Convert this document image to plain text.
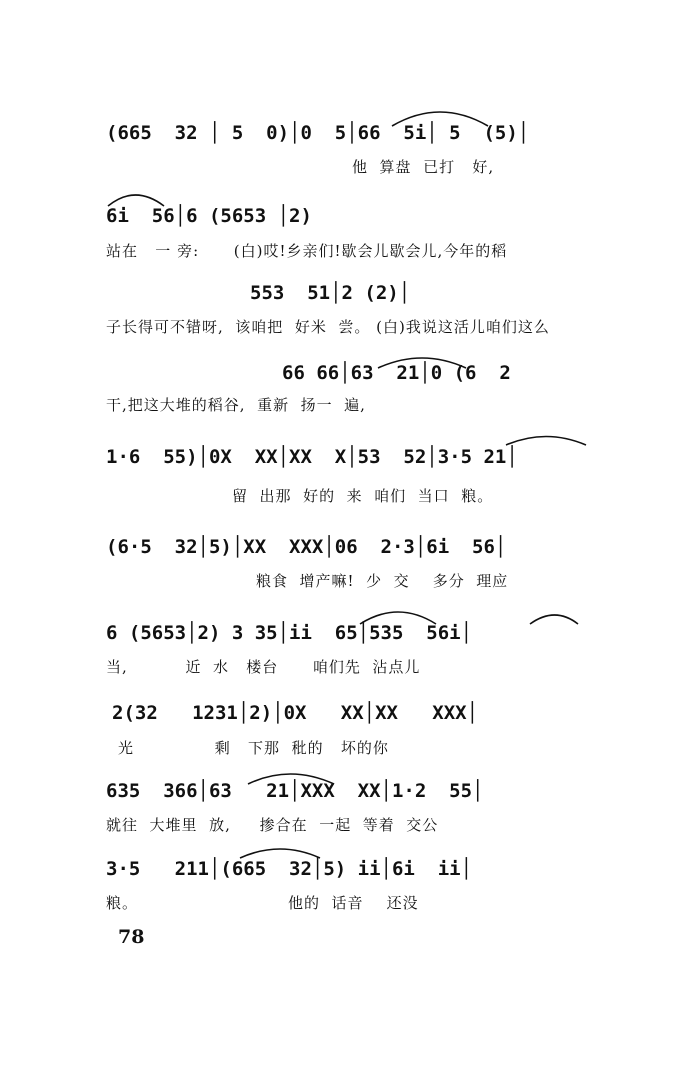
(665  32 │ 5  0)│0  5│66  5i│ 5  (5)│
他  算盘  已打   好,
6i  56│6 (5653 │2)
站在   一 旁:      (白)哎!乡亲们!歇会儿歇会儿,今年的稻
553  51│2 (2)│
子长得可不错呀,  该咱把  好米  尝。 (白)我说这活儿咱们这么
66 66│63  21│0 (6  2
干,把这大堆的稻谷,  重新  扬一  遍,
1·6  55)│0X  XX│XX  X│53  52│3·5 21│
留  出那  好的  来  咱们  当口  粮。
(6·5  32│5)│XX  XXX│06  2·3│6i  56│
粮食  增产嘛!  少  交    多分  理应
6 (5653│2) 3 35│ii  65│535  56i│
当,          近  水   楼台      咱们先  沾点儿
2(32   1231│2)│0X   XX│XX   XXX│
光              剩   下那  秕的   坏的你
635  366│63   21│XXX  XX│1·2  55│
就往  大堆里  放,     掺合在  一起  等着  交公
3·5   211│(665  32│5) ii│6i  ii│
粮。                          他的  话音    还没
78
